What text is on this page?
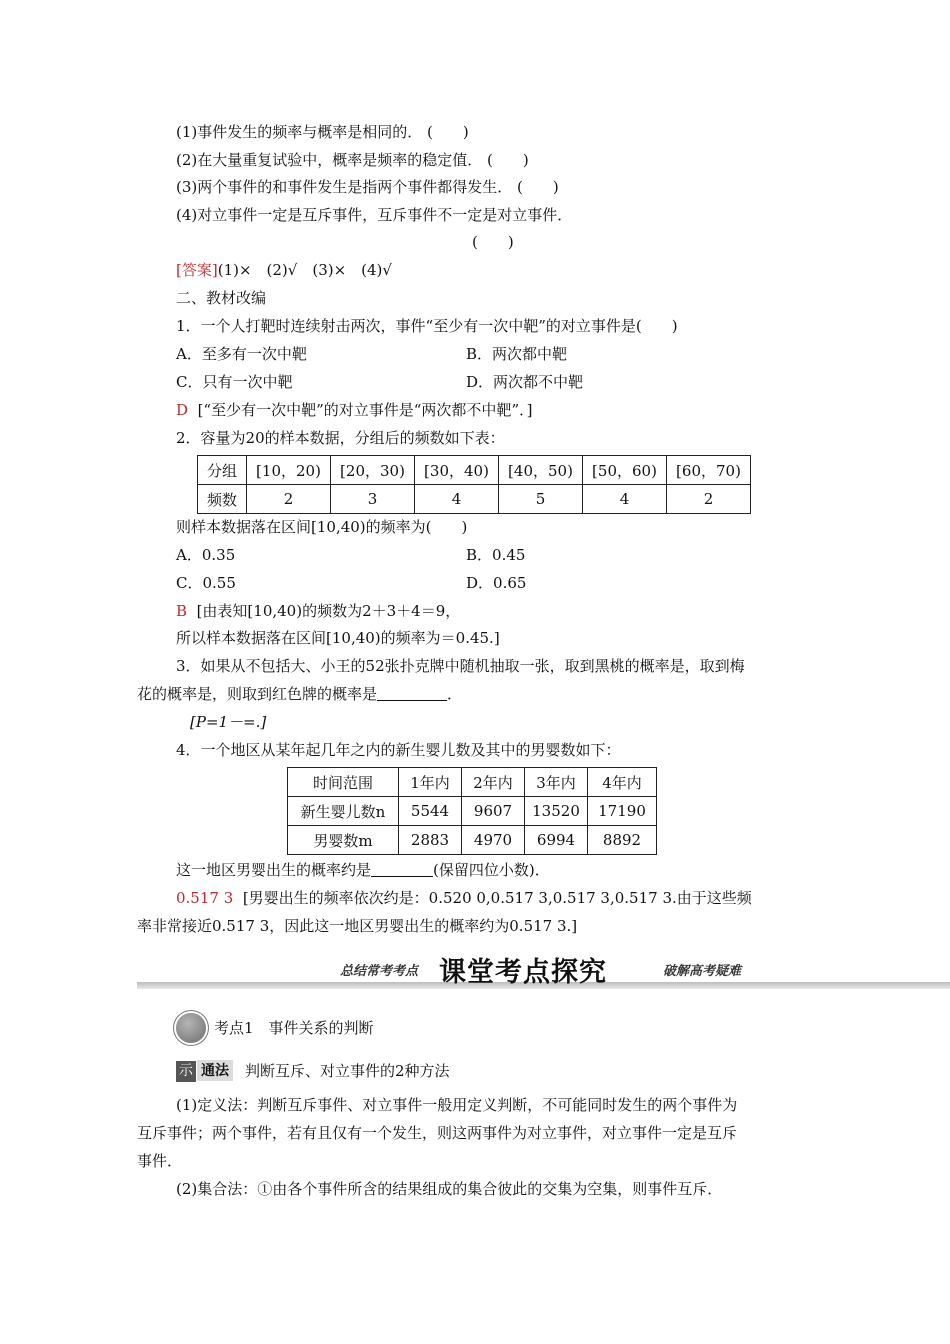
(1)事件发生的频率与概率是相同的． (　　)
(2)在大量重复试验中，概率是频率的稳定值． (　　)
(3)两个事件的和事件发生是指两个事件都得发生． (　　)
(4)对立事件一定是互斥事件，互斥事件不一定是对立事件．
(　　)
[答案](1)×　(2)√　(3)×　(4)√
二、教材改编
1．一个人打靶时连续射击两次，事件“至少有一次中靶”的对立事件是(　　)
A．至多有一次中靶	B．两次都中靶
C．只有一次中靶	D．两次都不中靶
D [“至少有一次中靶”的对立事件是“两次都不中靶”．]
2．容量为20的样本数据，分组后的频数如下表：
分组	[10，20)	[20，30)	[30，40)	[40，50)	[50，60)	[60，70)
频数	2	3	4	5	4	2
则样本数据落在区间[10,40)的频率为(　　)
A．0.35	B．0.45
C．0.55	D．0.65
B [由表知[10,40)的频数为2＋3＋4＝9，
所以样本数据落在区间[10,40)的频率为＝0.45.]
3．如果从不包括大、小王的52张扑克牌中随机抽取一张，取到黑桃的概率是，取到梅
花的概率是，则取到红色牌的概率是	．
[P=1－=.]
4．一个地区从某年起几年之内的新生婴儿数及其中的男婴数如下：
时间范围	1年内	2年内	3年内	4年内
新生婴儿数n	5544	9607	13520	17190
男婴数m	2883	4970	6994	8892
这一地区男婴出生的概率约是	(保留四位小数)．
0.517 3 [男婴出生的频率依次约是：0.520 0,0.517 3,0.517 3,0.517 3.由于这些频
率非常接近0.517 3，因此这一地区男婴出生的概率约为0.517 3.]
总结常考考点 课堂考点探究	破解高考疑难
考点1　事件关系的判断
示 通法 判断互斥、对立事件的2种方法
(1)定义法：判断互斥事件、对立事件一般用定义判断，不可能同时发生的两个事件为
互斥事件；两个事件，若有且仅有一个发生，则这两事件为对立事件，对立事件一定是互斥
事件．
(2)集合法：①由各个事件所含的结果组成的集合彼此的交集为空集，则事件互斥．
